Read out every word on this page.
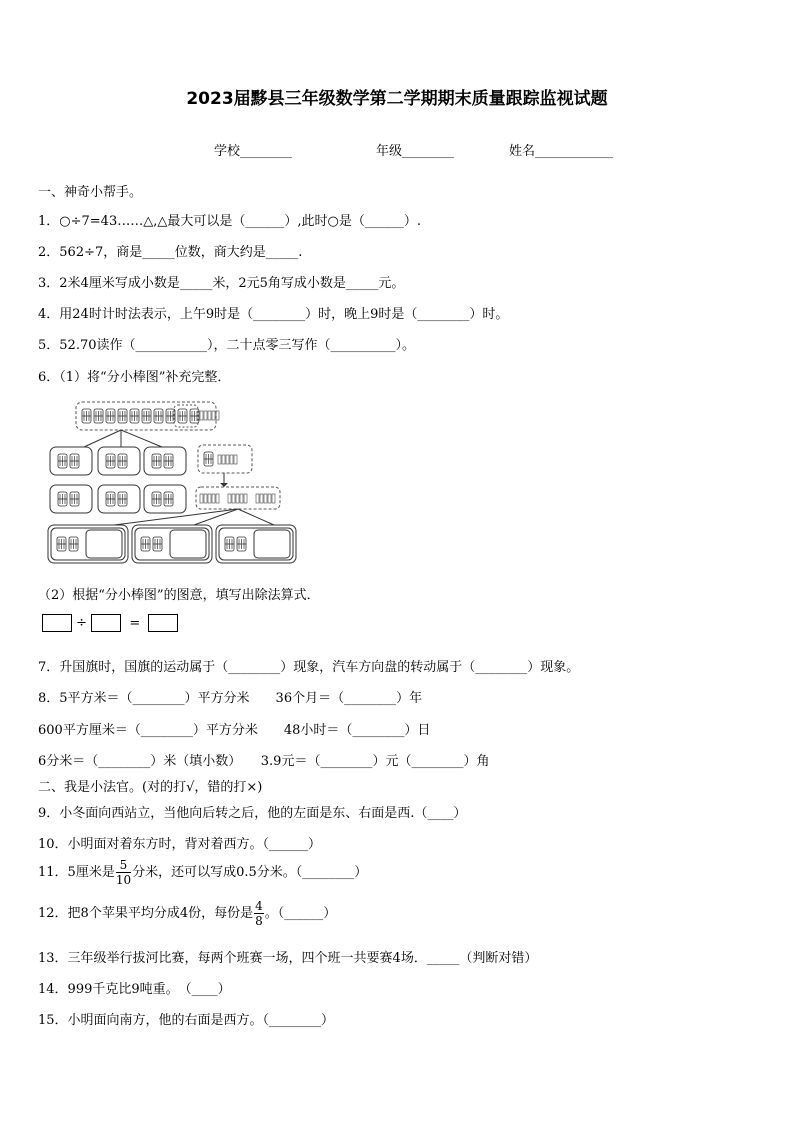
2023届黟县三年级数学第二学期期末质量跟踪监视试题
学校________	年级________	姓名____________
一、神奇小帮手。
1．○÷7=43……△,△最大可以是（______）,此时○是（______）.
2．562÷7，商是_____位数，商大约是_____.
3．2米4厘米写成小数是_____米，2元5角写成小数是_____元。
4．用24时计时法表示，上午9时是（________）时，晚上9时是（________）时。
5．52.70读作（___________），二十点零三写作（__________）。
6．（1）将“分小棒图”补充完整．
（2）根据“分小棒图”的图意，填写出除法算式．
÷	=
7．升国旗时，国旗的运动属于（________）现象，汽车方向盘的转动属于（________）现象。
8．5平方米＝（________）平方分米　　36个月＝（________）年
600平方厘米＝（________）平方分米　　48小时＝（________）日
6分米＝（________）米（填小数）　　3.9元＝（________）元（________）角
二、我是小法官。(对的打√，错的打×)
9．小冬面向西站立，当他向后转之后，他的左面是东、右面是西.（____）
10．小明面对着东方时，背对着西方。（______）
11．5厘米是 $\frac{5}{10}$ 分米，还可以写成0.5分米。（________）
12．把8个苹果平均分成4份，每份是 $\frac{4}{8}$ 。（______）
13．三年级举行拔河比赛，每两个班赛一场，四个班一共要赛4场．_____（判断对错）
14．999千克比9吨重。　（____）
15．小明面向南方，他的右面是西方。（________）
